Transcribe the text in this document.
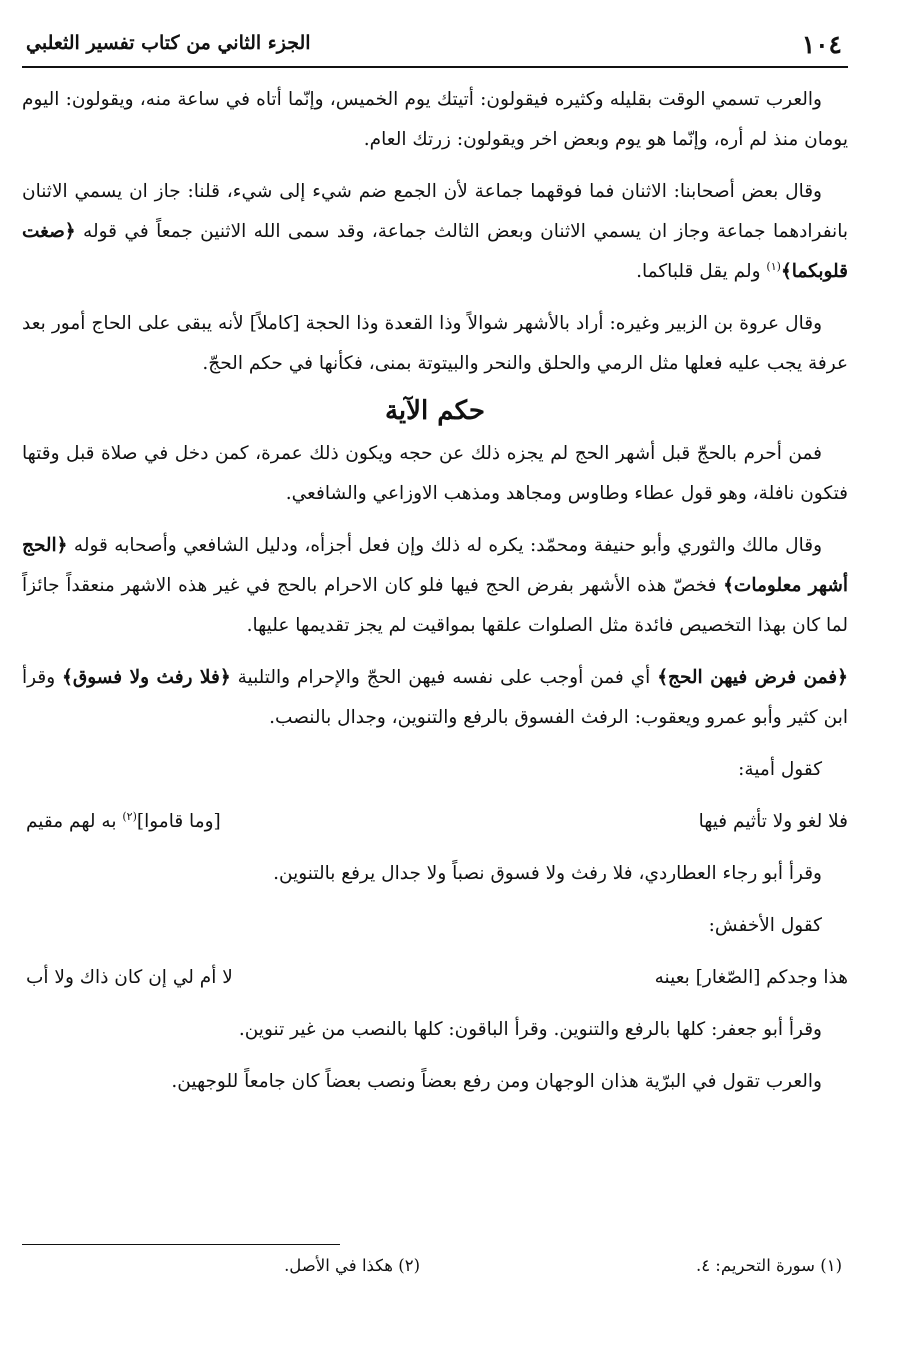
١٠٤
الجزء الثاني من كتاب تفسير الثعلبي

والعرب تسمي الوقت بقليله وكثيره فيقولون: أتيتك يوم الخميس، وإنّما أتاه في ساعة منه، ويقولون: اليوم يومان منذ لم أره، وإنّما هو يوم وبعض اخر ويقولون: زرتك العام.

وقال بعض أصحابنا: الاثنان فما فوقهما جماعة لأن الجمع ضم شيء إلى شيء، قلنا: جاز ان يسمي الاثنان بانفرادهما جماعة وجاز ان يسمي الاثنان وبعض الثالث جماعة، وقد سمى الله الاثنين جمعاً في قوله ﴿صغت قلوبكما﴾$^{(١)}$ ولم يقل قلباكما.

وقال عروة بن الزبير وغيره: أراد بالأشهر شوالاً وذا القعدة وذا الحجة [كاملاً] لأنه يبقى على الحاج أمور بعد عرفة يجب عليه فعلها مثل الرمي والحلق والنحر والبيتوتة بمنى، فكأنها في حكم الحجّ.

حكم الآية

فمن أحرم بالحجّ قبل أشهر الحج لم يجزه ذلك عن حجه ويكون ذلك عمرة، كمن دخل في صلاة قبل وقتها فتكون نافلة، وهو قول عطاء وطاوس ومجاهد ومذهب الاوزاعي والشافعي.

وقال مالك والثوري وأبو حنيفة ومحمّد: يكره له ذلك وإن فعل أجزأه، ودليل الشافعي وأصحابه قوله ﴿الحج أشهر معلومات﴾ فخصّ هذه الأشهر بفرض الحج فيها فلو كان الاحرام بالحج في غير هذه الاشهر منعقداً جائزاً لما كان بهذا التخصيص فائدة مثل الصلوات علقها بمواقيت لم يجز تقديمها عليها.

﴿فمن فرض فيهن الحج﴾ أي فمن أوجب على نفسه فيهن الحجّ والإحرام والتلبية ﴿فلا رفث ولا فسوق﴾ وقرأ ابن كثير وأبو عمرو ويعقوب: الرفث الفسوق بالرفع والتنوين، وجدال بالنصب.

كقول أمية:

فلا لغو ولا تأثيم فيها
[وما قاموا]$^{(٢)}$ به لهم مقيم

وقرأ أبو رجاء العطاردي، فلا رفث ولا فسوق نصباً ولا جدال يرفع بالتنوين.

كقول الأخفش:

هذا وجدكم [الصّغار] بعينه
لا أم لي إن كان ذاك ولا أب

وقرأ أبو جعفر: كلها بالرفع والتنوين. وقرأ الباقون: كلها بالنصب من غير تنوين.

والعرب تقول في البرّية هذان الوجهان ومن رفع بعضاً ونصب بعضاً كان جامعاً للوجهين.

(١) سورة التحريم: ٤.
(٢) هكذا في الأصل.
